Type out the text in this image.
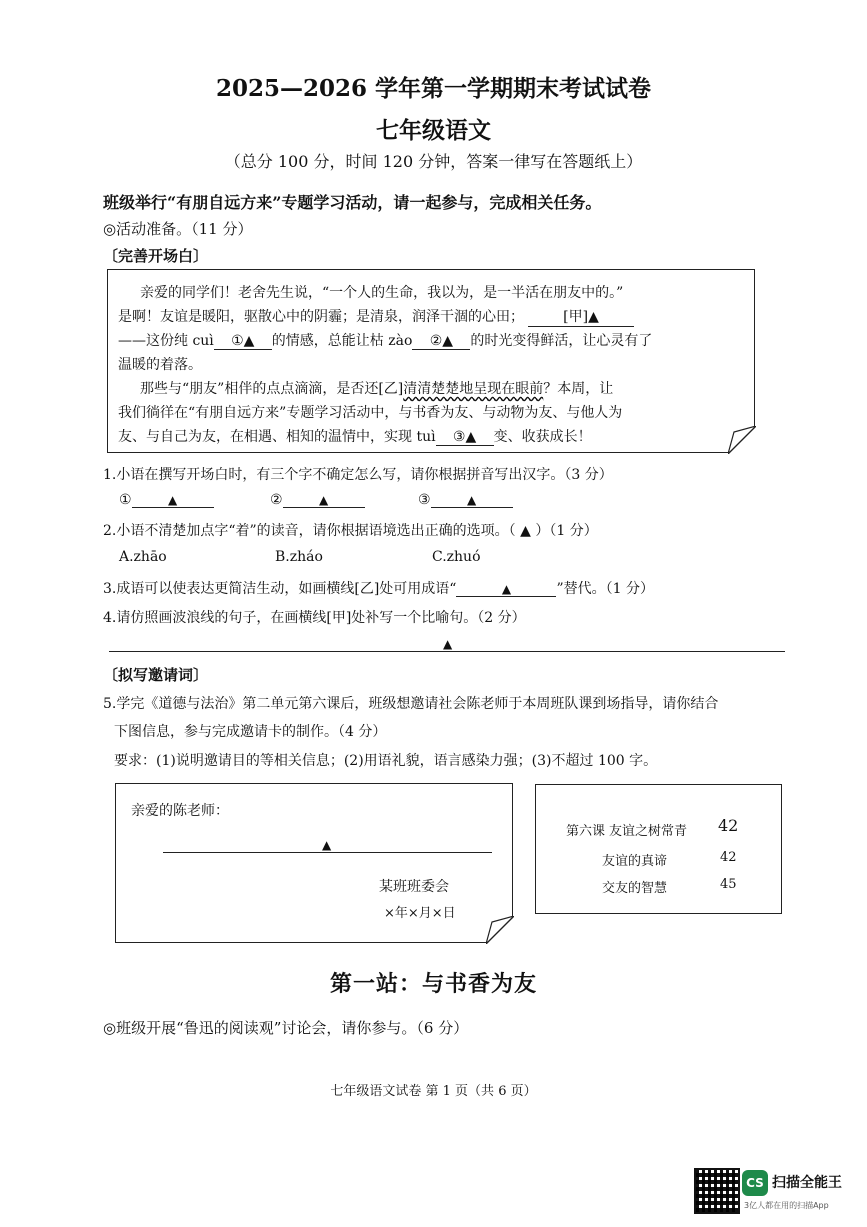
2025—2026 学年第一学期期末考试试卷
七年级语文
（总分 100 分，时间 120 分钟，答案一律写在答题纸上）
班级举行“有朋自远方来”专题学习活动，请一起参与，完成相关任务。
◎活动准备。（11 分）
〔完善开场白〕
亲爱的同学们！老舍先生说，“一个人的生命，我以为，是一半活在朋友中的。”
是啊！友谊是暖阳，驱散心中的阴霾；是清泉，润泽干涸的心田；	[甲]▲
——这份纯 cuì ①▲ 的情感，总能让枯 zào ②▲ 的时光变得鲜活，让心灵有了
温暖的着落。
那些与“朋友”相伴的点点滴滴，是否还[乙]清清楚楚地呈现在眼前？本周，让
我们徜徉在“有朋自远方来”专题学习活动中，与书香为友、与动物为友、与他人为
友、与自己为友，在相遇、相知的温情中，实现 tuì ③▲ 变、收获成长！
1.小语在撰写开场白时，有三个字不确定怎么写，请你根据拼音写出汉字。（3 分）
①	▲	②	▲	③	▲
2.小语不清楚加点字“着”的读音，请你根据语境选出正确的选项。（ ▲ ）（1 分）
A.zhāo	B.zháo	C.zhuó
3.成语可以使表达更简洁生动，如画横线[乙]处可用成语“	▲	”替代。（1 分）
4.请仿照画波浪线的句子，在画横线[甲]处补写一个比喻句。（2 分）
▲
〔拟写邀请词〕
5.学完《道德与法治》第二单元第六课后，班级想邀请社会陈老师于本周班队课到场指导，请你结合
下图信息，参与完成邀请卡的制作。（4 分）
要求：(1)说明邀请目的等相关信息；(2)用语礼貌，语言感染力强；(3)不超过 100 字。
亲爱的陈老师：
▲
某班班委会
×年×月×日
第六课 友谊之树常青 42
友谊的真谛	42
交友的智慧	45
第一站：与书香为友
◎班级开展“鲁迅的阅读观”讨论会，请你参与。（6 分）
七年级语文试卷 第 1 页（共 6 页）
CS 扫描全能王
3亿人都在用的扫描App
